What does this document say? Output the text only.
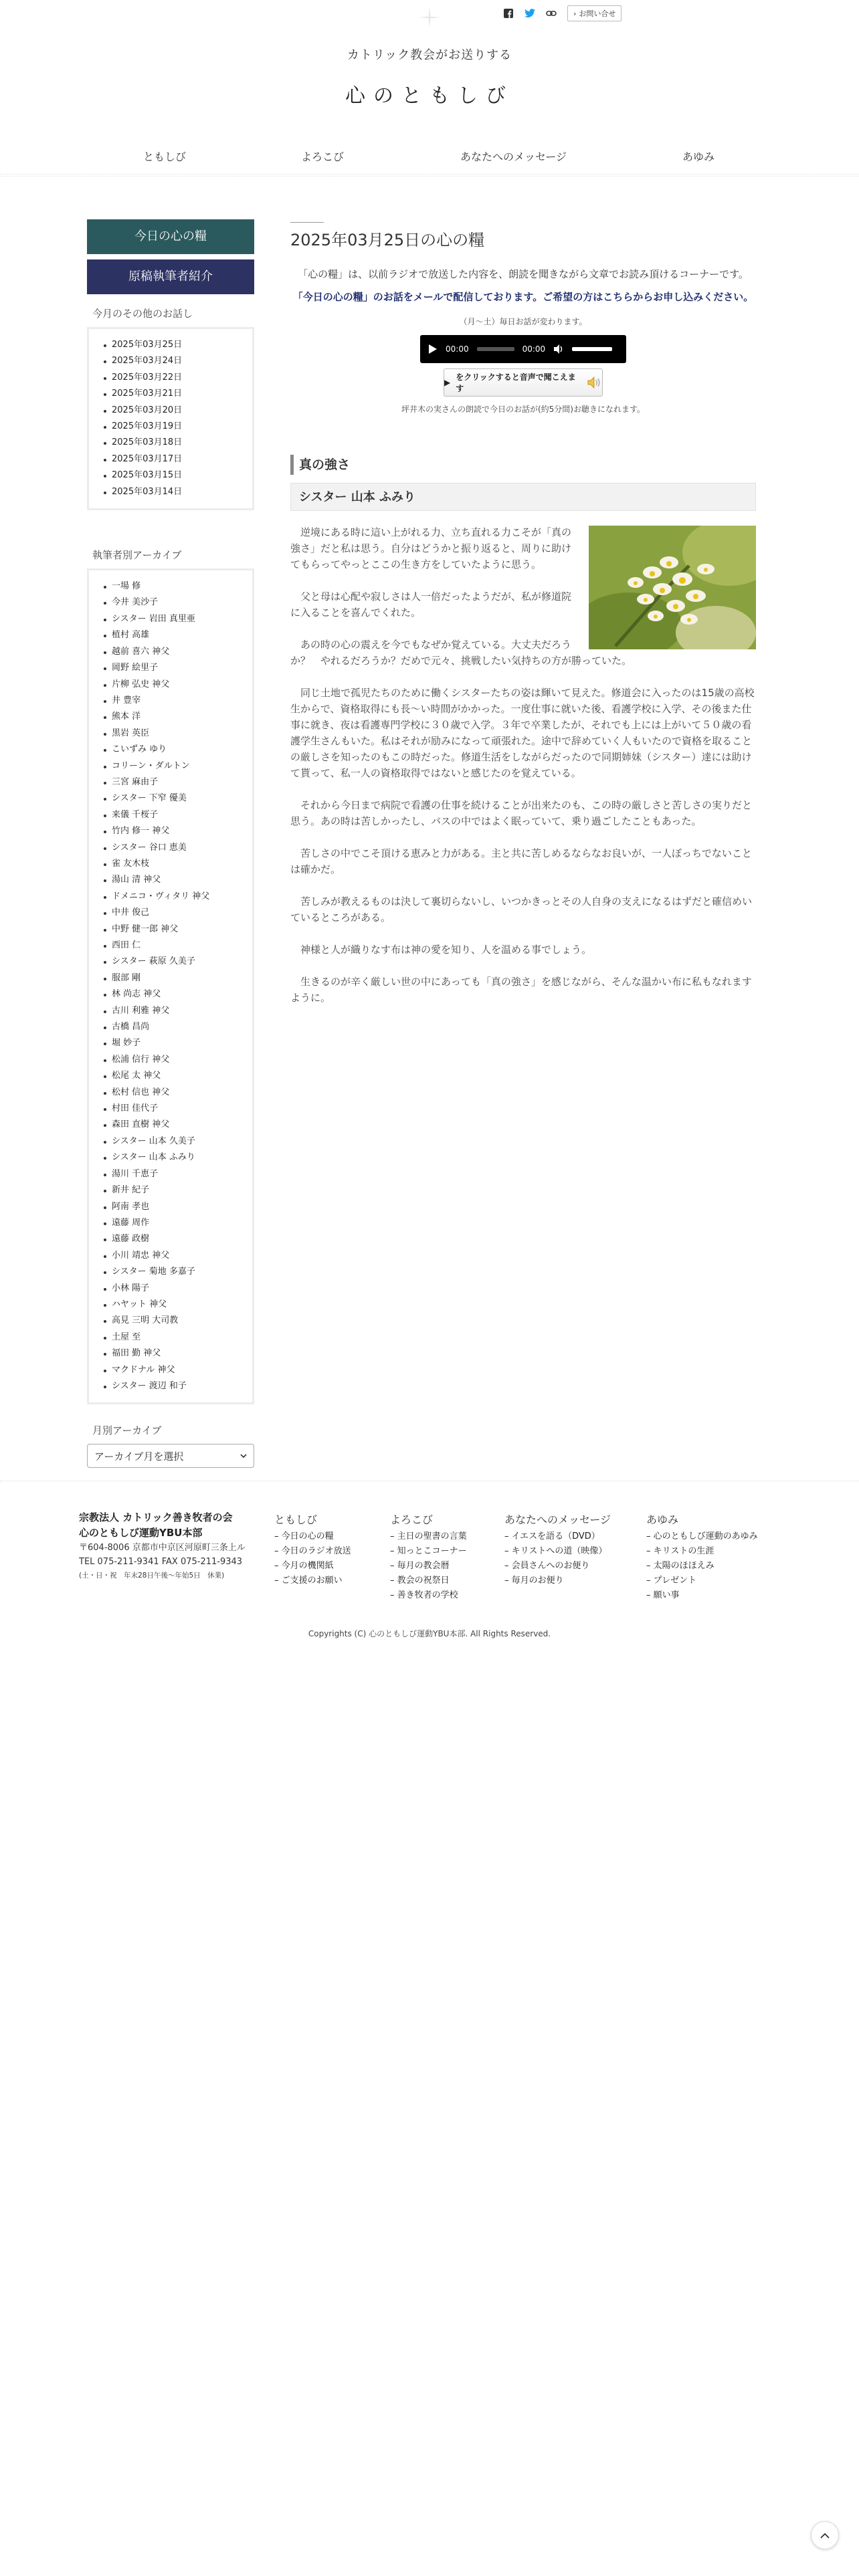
› お問い合せ
カトリック教会がお送りする
心のともしび
ともしび	よろこび	あなたへのメッセージ	あゆみ
今日の心の糧
原稿執筆者紹介
今月のその他のお話し
2025年03月25日
2025年03月24日
2025年03月22日
2025年03月21日
2025年03月20日
2025年03月19日
2025年03月18日
2025年03月17日
2025年03月15日
2025年03月14日
執筆者別アーカイブ
一場 修
今井 美沙子
シスター 岩田 真里亜
植村 高雄
越前 喜六 神父
岡野 絵里子
片柳 弘史 神父
井 豊宰
熊本 洋
黒岩 英臣
こいずみ ゆり
コリーン・ダルトン
三宮 麻由子
シスター 下窄 優美
来儀 千桜子
竹内 修一 神父
シスター 谷口 恵美
雀 友木枝
湯山 清 神父
ドメニコ・ヴィタリ 神父
中井 俊己
中野 健一郎 神父
西田 仁
シスター 萩原 久美子
服部 剛
林 尚志 神父
古川 利雅 神父
古橋 昌尚
堀 妙子
松浦 信行 神父
松尾 太 神父
松村 信也 神父
村田 佳代子
森田 直樹 神父
シスター 山本 久美子
シスター 山本 ふみり
湯川 千恵子
新井 紀子
阿南 孝也
遠藤 周作
遠藤 政樹
小川 靖忠 神父
シスター 菊地 多嘉子
小林 陽子
ハヤット 神父
高見 三明 大司教
土屋 至
福田 勤 神父
マクドナル 神父
シスター 渡辺 和子
月別アーカイブ
アーカイブ月を選択
2025年03月25日の心の糧

「心の糧」は、以前ラジオで放送した内容を、朗読を聞きながら文章でお読み頂けるコーナーです。

「今日の心の糧」のお話をメールで配信しております。ご希望の方はこちらからお申し込みください。

（月〜土）毎日お話が変わります。

00:00	00:00
▶
をクリックすると音声で聞こえます

坪井木の実さんの朗読で今日のお話が(約5分間)お聴きになれます。

真の強さ
シスター 山本 ふみり

逆境にある時に這い上がれる力、立ち直れる力こそが「真の強さ」だと私は思う。自分はどうかと振り返ると、周りに助けてもらってやっとここの生き方をしていたように思う。

父と母は心配や寂しさは人一倍だったようだが、私が修道院に入ることを喜んでくれた。

あの時の心の震えを今でもなぜか覚えている。大丈夫だろうか？　やれるだろうか？だめで元々、挑戦したい気持ちの方が勝っていた。

同じ土地で孤児たちのために働くシスターたちの姿は輝いて見えた。修道会に入ったのは15歳の高校生からで、資格取得にも長〜い時間がかかった。一度仕事に就いた後、看護学校に入学、その後また仕事に就き、夜は看護専門学校に３０歳で入学。３年で卒業したが、それでも上には上がいて５０歳の看護学生さんもいた。私はそれが励みになって頑張れた。途中で辞めていく人もいたので資格を取ることの厳しさを知ったのもこの時だった。修道生活をしながらだったので同期姉妹（シスター）達には助けて貰って、私一人の資格取得ではないと感じたのを覚えている。

それから今日まで病院で看護の仕事を続けることが出来たのも、この時の厳しさと苦しさの実りだと思う。あの時は苦しかったし、バスの中ではよく眠っていて、乗り過ごしたこともあった。

苦しさの中でこそ頂ける恵みと力がある。主と共に苦しめるならなお良いが、一人ぼっちでないことは確かだ。

苦しみが教えるものは決して裏切らないし、いつかきっとその人自身の支えになるはずだと確信めいているところがある。

神様と人が織りなす布は神の愛を知り、人を温める事でしょう。

生きるのが辛く厳しい世の中にあっても「真の強さ」を感じながら、そんな温かい布に私もなれますように。

宗教法人 カトリック善き牧者の会
心のともしび運動YBU本部
〒604-8006 京都市中京区河原町三条上ル
TEL 075-211-9341 FAX 075-211-9343
(土・日・祝　年末28日午後〜年始5日　休業)
ともしび
– 今日の心の糧
– 今日のラジオ放送
– 今月の機関紙
– ご支援のお願い
よろこび
– 主日の聖書の言葉
– 知っとこコーナー
– 毎月の教会暦
– 教会の祝祭日
– 善き牧者の学校
あなたへのメッセージ
– イエスを語る（DVD）
– キリストへの道（映像）
– 会員さんへのお便り
– 毎月のお便り
あゆみ
– 心のともしび運動のあゆみ
– キリストの生涯
– 太陽のほほえみ
– プレゼント
– 願い事
Copyrights (C) 心のともしび運動YBU本部. All Rights Reserved.
